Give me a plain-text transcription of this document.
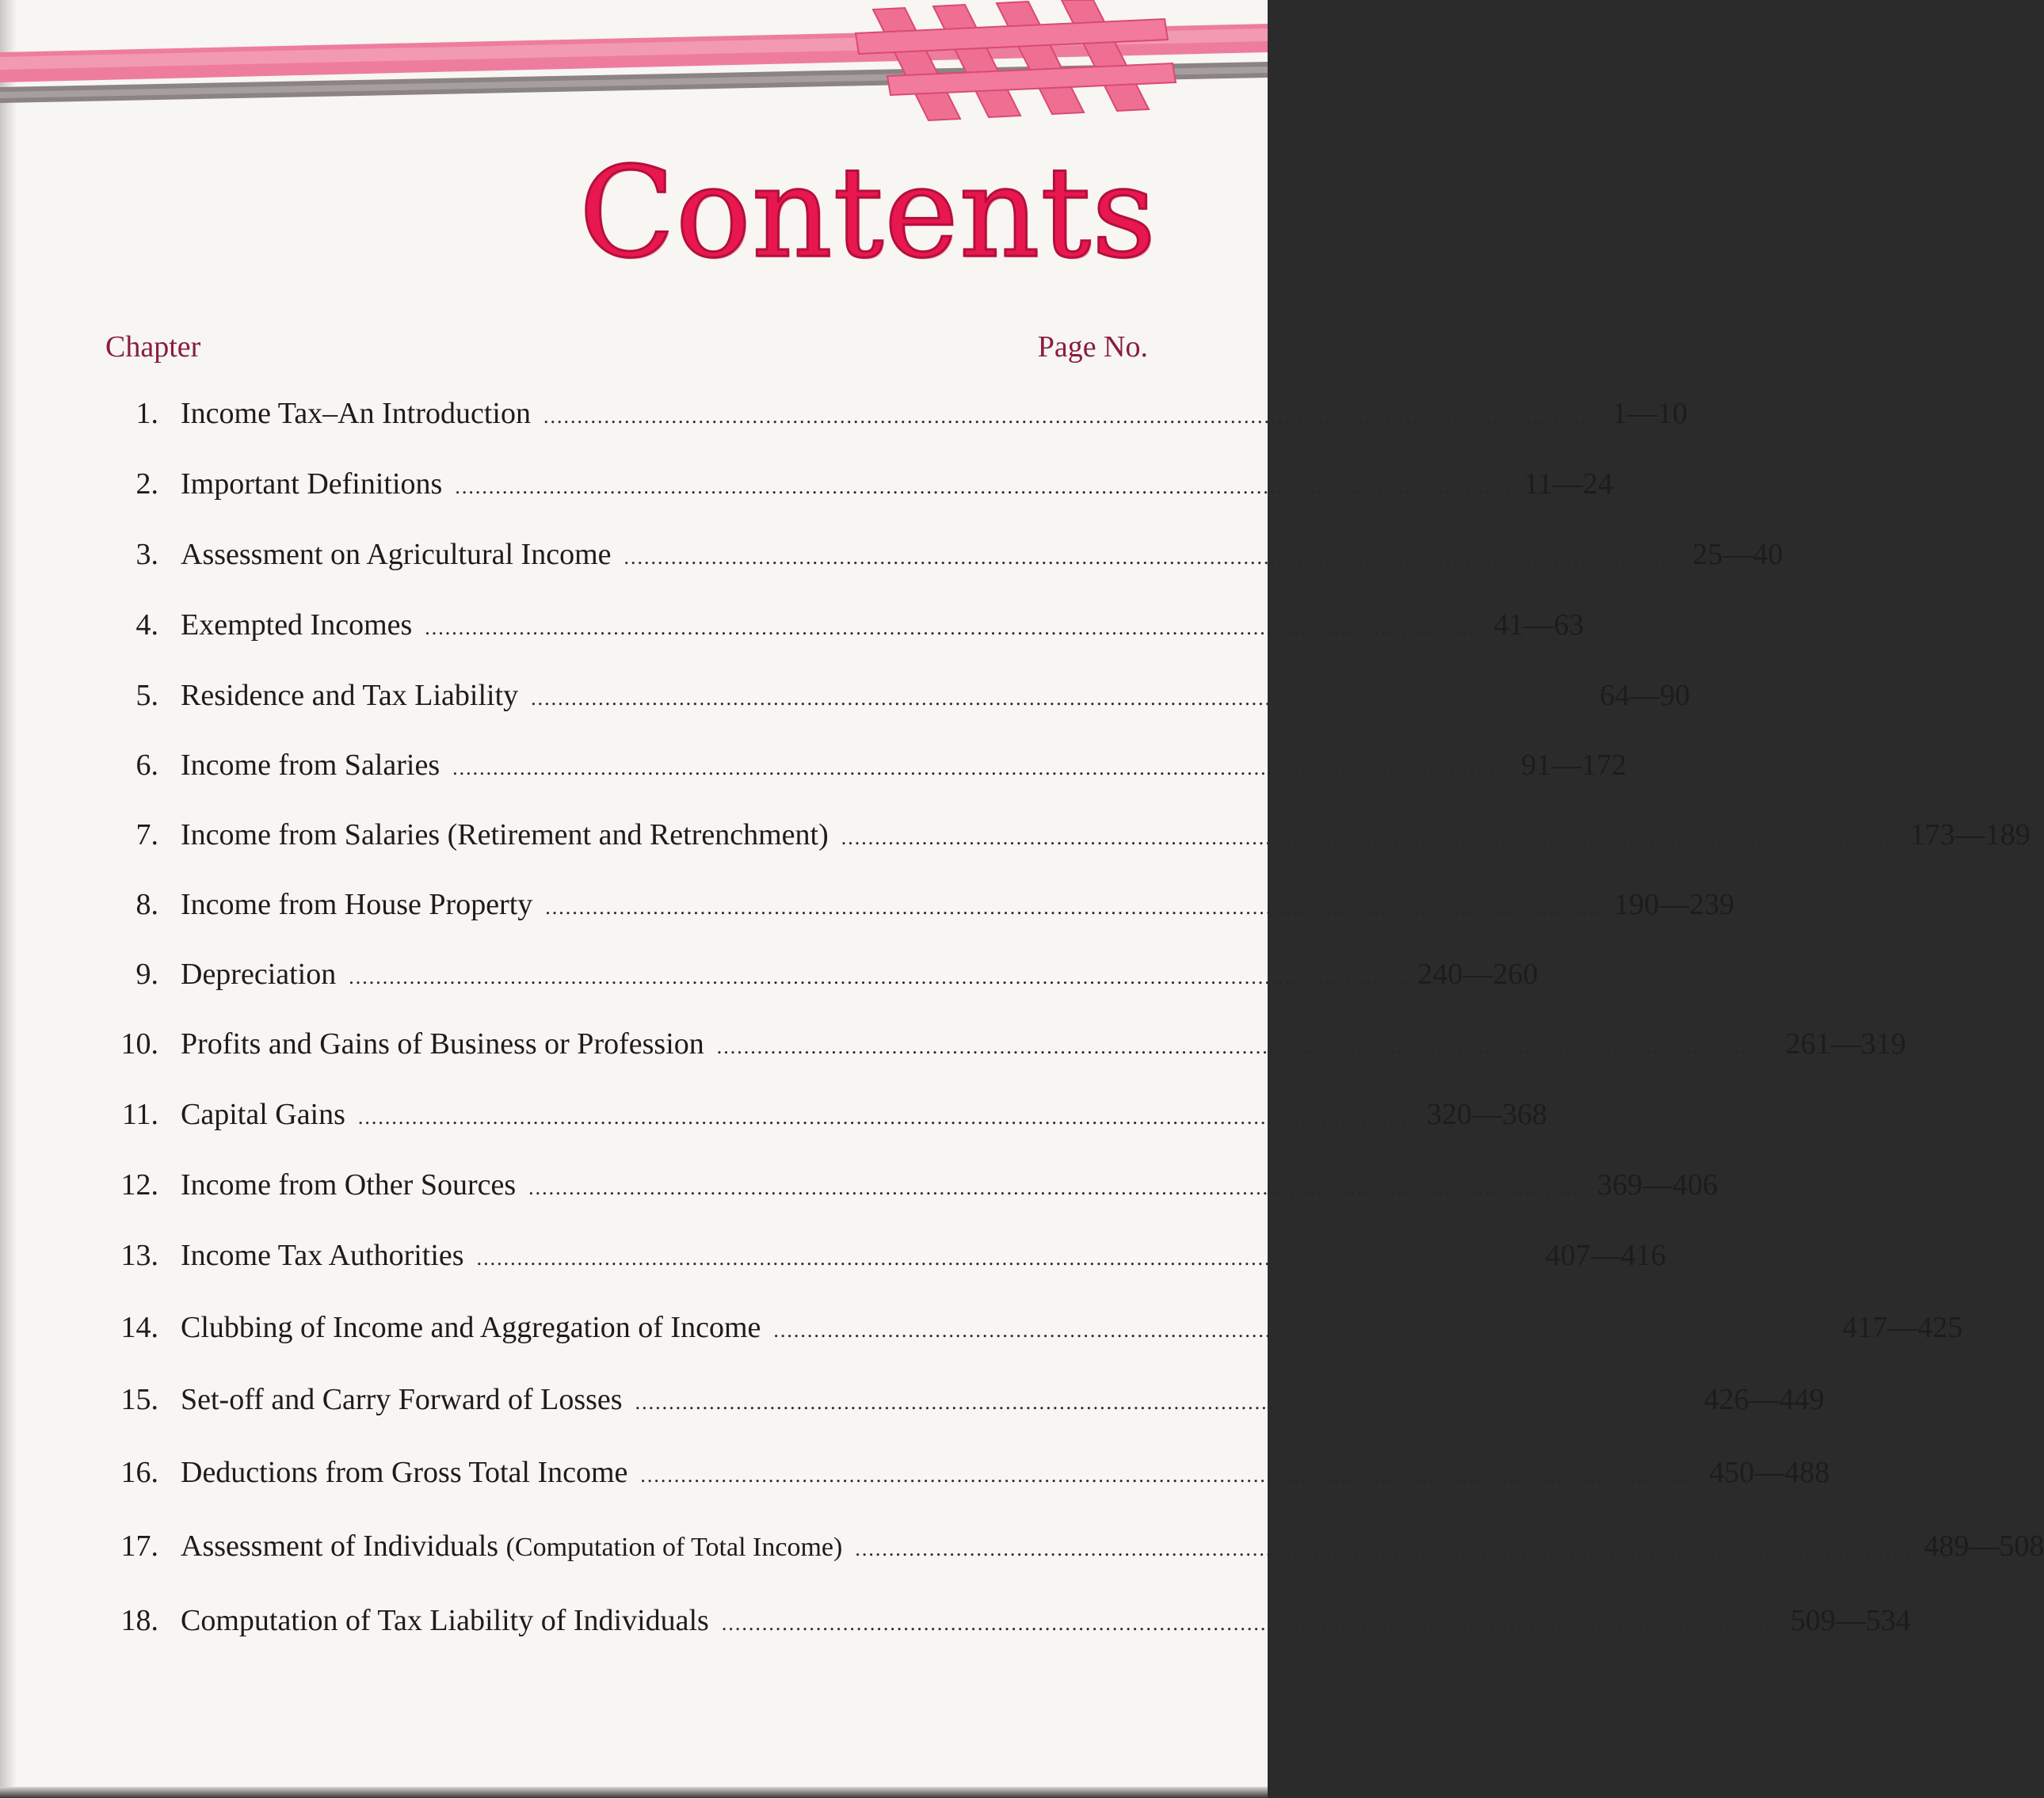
Contents
Chapter	Page No.
1. Income Tax–An Introduction .............................................................................................................................................................. 1—10
2. Important Definitions .............................................................................................................................................................. 11—24
3. Assessment on Agricultural Income .............................................................................................................................................................. 25—40
4. Exempted Incomes .............................................................................................................................................................. 41—63
5. Residence and Tax Liability .............................................................................................................................................................. 64—90
6. Income from Salaries .............................................................................................................................................................. 91—172
7. Income from Salaries (Retirement and Retrenchment) .............................................................................................................................................................. 173—189
8. Income from House Property .............................................................................................................................................................. 190—239
9. Depreciation .............................................................................................................................................................. 240—260
10. Profits and Gains of Business or Profession .............................................................................................................................................................. 261—319
11. Capital Gains .............................................................................................................................................................. 320—368
12. Income from Other Sources .............................................................................................................................................................. 369—406
13. Income Tax Authorities .............................................................................................................................................................. 407—416
14. Clubbing of Income and Aggregation of Income .............................................................................................................................................................. 417—425
15. Set-off and Carry Forward of Losses .............................................................................................................................................................. 426—449
16. Deductions from Gross Total Income .............................................................................................................................................................. 450—488
17. Assessment of Individuals (Computation of Total Income) .............................................................................................................................................................. 489—508
18. Computation of Tax Liability of Individuals .............................................................................................................................................................. 509—534
